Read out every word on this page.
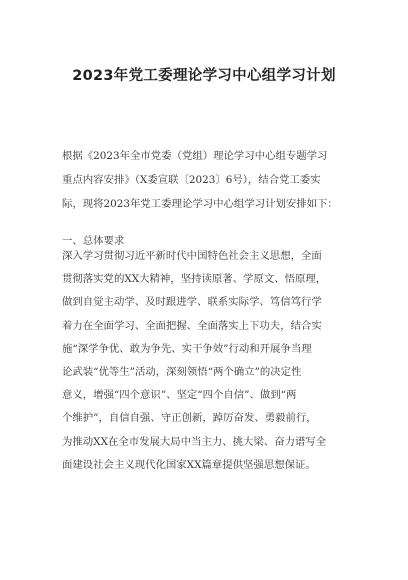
2023年党工委理论学习中心组学习计划
根据《2023年全市党委（党组）理论学习中心组专题学习
重点内容安排》（X委宣联〔2023〕6号），结合党工委实
际，现将2023年党工委理论学习中心组学习计划安排如下：

一、总体要求

深入学习贯彻习近平新时代中国特色社会主义思想，全面
贯彻落实党的XX大精神，坚持读原著、学原文、悟原理，
做到自觉主动学、及时跟进学、联系实际学、笃信笃行学
着力在全面学习、全面把握、全面落实上下功夫，结合实
施“深学争优、敢为争先、实干争效”行动和开展争当理
论武装“优等生”活动，深刻领悟“两个确立”的决定性
意义，增强“四个意识”、坚定“四个自信”、做到“两
个维护”，自信自强、守正创新，踔厉奋发、勇毅前行，
为推动XX在全市发展大局中当主力、挑大梁、奋力谱写全
面建设社会主义现代化国家XX篇章提供坚强思想保证。
